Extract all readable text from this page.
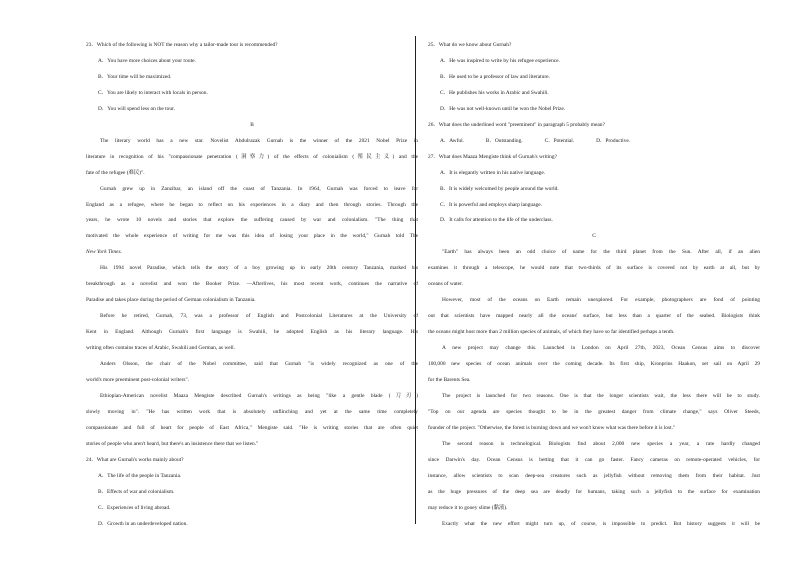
23．Which of the following is NOT the reason why a tailor-made tour is recommended?

A．You have more choices about your route.

B．Your time will be maximized.

C．You are likely to interact with locals in person.

D．You will spend less on the tour.

B

The literary world has a new star. Novelist Abdulrazak Gurnah is the winner of the 2021 Nobel Prize in

literature in recognition of his "compassionate penetration (洞察力) of the effects of colonialism (殖民主义) and the

fate of the refugee (难民)".

Gurnah grew up in Zanzibar, an island off the coast of Tanzania. In 1964, Gurnah was forced to leave for

England as a refugee, where he began to reflect on his experiences in a diary and then through stories. Through the

years, he wrote 10 novels and stories that explore the suffering caused by war and colonialism. "The thing that

motivated the whole experience of writing for me was this idea of losing your place in the world," Gurnah told The

New York Times.

His 1994 novel Paradise, which tells the story of a boy growing up in early 20th century Tanzania, marked his

breakthrough as a novelist and won the Booker Prize. —Afterlives, his most recent work, continues the narrative of

Paradise and takes place during the period of German colonialism in Tanzania.

Before he retired, Gurnah, 73, was a professor of English and Postcolonial Literatures at the University of

Kent in England. Although Gurnah's first language is Swahili, he adopted English as his literary language. His

writing often contains traces of Arabic, Swahili and German, as well.

Anders Olsson, the chair of the Nobel committee, said that Gurnah "is widely recognized as one of the

world's more preeminent post-colonial writers".

Ethiopian-American novelist Maaza Mengiste described Gurnah's writings as being "like a gentle blade (刀刃)

slowly moving in". "He has written work that is absolutely unflinching and yet at the same time completely

compassionate and full of heart for people of East Africa," Mengiste said. "He is writing stories that are often quiet

stories of people who aren't heard, but there's an insistence there that we listen."

24．What are Gurnah's works mainly about?

A．The life of the people in Tanzania.

B．Effects of war and colonialism.

C．Experiences of living abroad.

D．Growth in an underdeveloped nation.

25．What do we know about Gurnah?

A．He was inspired to write by his refugee experience.

B．He used to be a professor of law and literature.

C．He publishes his works in Arabic and Swahili.

D．He was not well-known until he won the Nobel Prize.

26．What does the underlined word "preeminent" in paragraph 5 probably mean?

A．Awful.	B．Outstanding.	C．Potential.	D．Productive.

27．What does Maaza Mengiste think of Gurnah's writing?

A．It is elegantly written in his native language.

B．It is widely welcomed by people around the world.

C．It is powerful and employs sharp language.

D．It calls for attention to the life of the underclass.

C

"Earth" has always been an odd choice of name for the third planet from the Sun. After all, if an alien

examines it through a telescope, he would note that two-thirds of its surface is covered not by earth at all, but by

oceans of water.

However, most of the oceans on Earth remain unexplored. For example, photographers are fond of pointing

out that scientists have mapped nearly all the oceans' surface, but less than a quarter of the seabed. Biologists think

the oceans might host more than 2 million species of animals, of which they have so far identified perhaps a tenth.

A new project may change this. Launched in London on April 27th, 2023, Ocean Census aims to discover

100,000 new species of ocean animals over the coming decade. Its first ship, Kronprins Haakon, set sail on April 29

for the Barents Sea.

The project is launched for two reasons. One is that the longer scientists wait, the less there will be to study.

"Top on our agenda are species thought to be in the greatest danger from climate change," says Oliver Steeds,

founder of the project. "Otherwise, the forest is burning down and we won't know what was there before it is lost."

The second reason is technological. Biologists find about 2,000 new species a year, a rate hardly changed

since Darwin's day. Ocean Census is betting that it can go faster. Fancy cameras on remote-operated vehicles, for

instance, allow scientists to scan deep-sea creatures such as jellyfish without removing them from their habitat. Just

as the huge pressures of the deep sea are deadly for humans, taking such a jellyfish to the surface for examination

may reduce it to gooey slime (黏液).

Exactly what the new effort might turn up, of course, is impossible to predict. But history suggests it will be
